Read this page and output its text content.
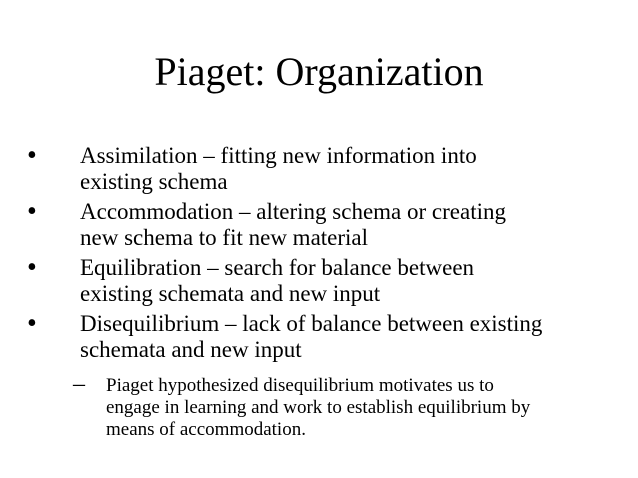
Piaget: Organization
• Assimilation – fitting new information into
existing schema
• Accommodation – altering schema or creating
new schema to fit new material
• Equilibration – search for balance between
existing schemata and new input
• Disequilibrium – lack of balance between existing
schemata and new input
– Piaget hypothesized disequilibrium motivates us to
engage in learning and work to establish equilibrium by
means of accommodation.
